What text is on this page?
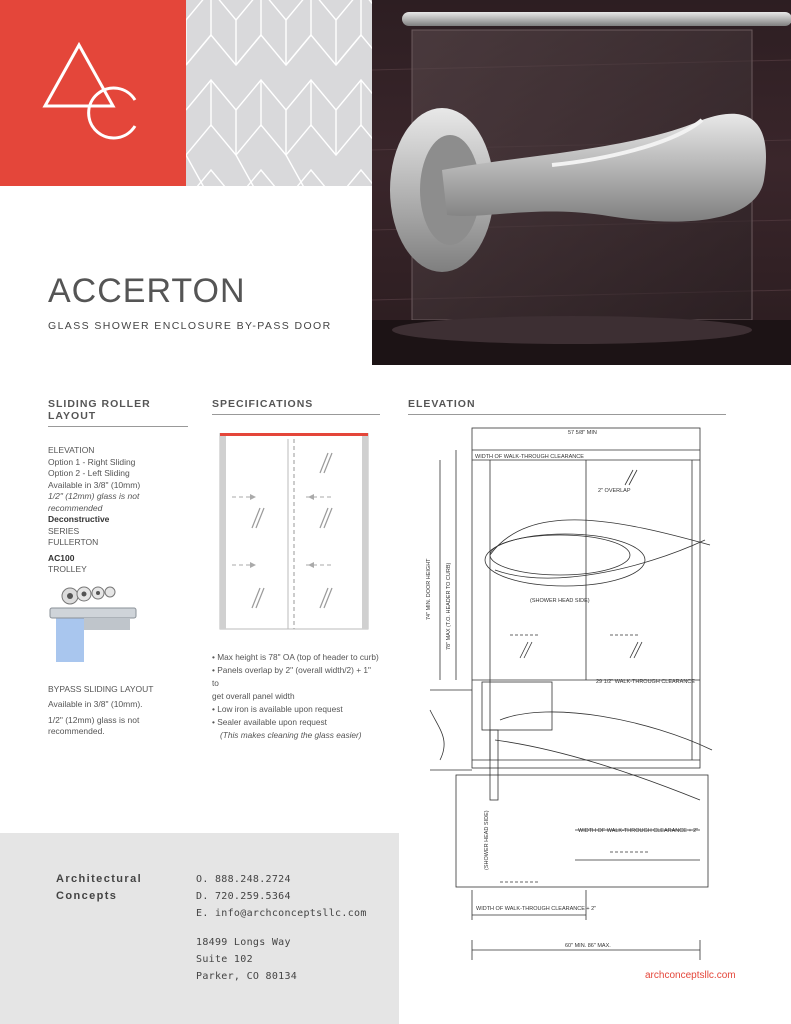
ACCERTON

GLASS SHOWER ENCLOSURE BY-PASS DOOR

SLIDING ROLLER LAYOUT

ELEVATION

Option 1 - Right Sliding

Option 2 - Left Sliding

Available in 3/8" (10mm)

1/2" (12mm) glass is not recommended

Deconstructive

SERIES

FULLERTON

AC100

TROLLEY

BYPASS SLIDING LAYOUT

Available in 3/8" (10mm).

1/2" (12mm) glass is not recommended.

SPECIFICATIONS
• Max height is 78" OA (top of header to curb)
• Panels overlap by 2" (overall width/2) + 1" to
get overall panel width
• Low iron is available upon request
• Sealer available upon request
(This makes cleaning the glass easier)
ELEVATION
57 5/8" MIN
WIDTH OF WALK-THROUGH CLEARANCE
2" OVERLAP
(SHOWER HEAD SIDE)
29 1/2" WALK-THROUGH CLEARANCE
WIDTH OF WALK-THROUGH CLEARANCE + 2"
WIDTH OF WALK-THROUGH CLEARANCE + 2"
60" MIN. 86" MAX.
74" MIN. DOOR HEIGHT	78" MAX (T.O. HEADER TO CURB)
(SHOWER HEAD SIDE)

Architectural

Concepts

O. 888.248.2724

D. 720.259.5364

E. info@archconceptsllc.com

18499 Longs Way

Suite 102

Parker, CO 80134	archconceptsllc.com
